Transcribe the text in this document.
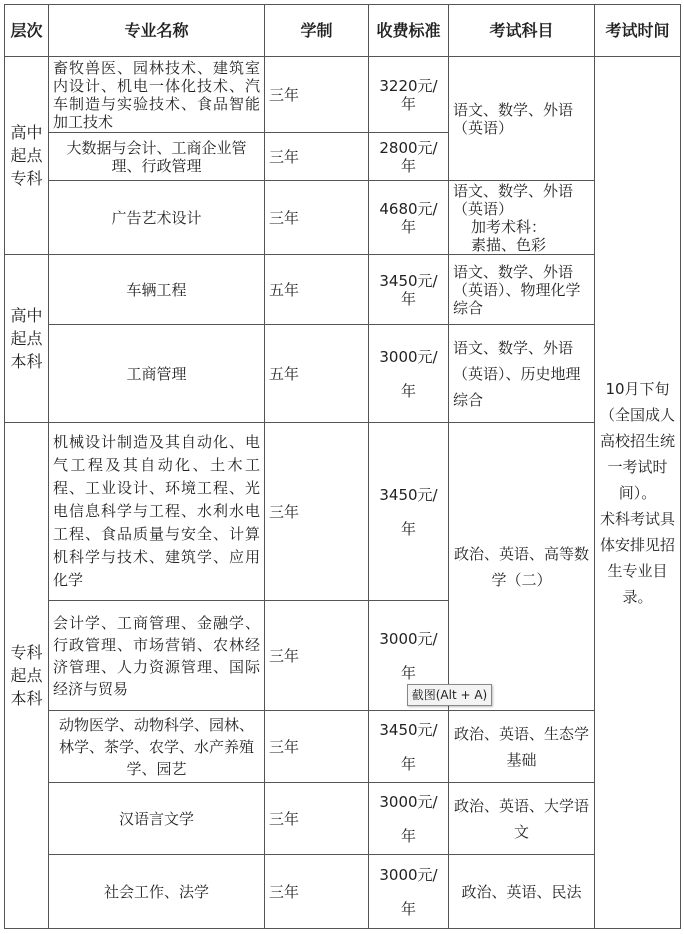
层次	专业名称	学制	收费标准	考试科目	考试时间

高中起点专科	畜牧兽医、园林技术、建筑室内设计、机电一体化技术、汽车制造与实验技术、食品智能加工技术	三年	3220元/年	语文、数学、外语（英语）	10月下旬（全国成人高校招生统一考试时间）。
术科考试具体安排见招生专业目录。

	大数据与会计、工商企业管理、行政管理	三年	2800元/年		
	广告艺术设计	三年	4680元/年	语文、数学、外语（英语）
加考术科：
素描、色彩	

高中起点本科	车辆工程	五年	3450元/年	语文、数学、外语（英语）、物理化学综合	
	工商管理	五年	3000元/年	语文、数学、外语（英语）、历史地理综合	

专科起点本科	机械设计制造及其自动化、电气工程及其自动化、土木工程、工业设计、环境工程、光电信息科学与工程、水利水电工程、食品质量与安全、计算机科学与技术、建筑学、应用化学	三年	3450元/年	政治、英语、高等数学（二）	
	会计学、工商管理、金融学、行政管理、市场营销、农林经济管理、人力资源管理、国际经济与贸易	三年	3000元/年		
	动物医学、动物科学、园林、林学、茶学、农学、水产养殖学、园艺	三年	3450元/年	政治、英语、生态学基础	
	汉语言文学	三年	3000元/年	政治、英语、大学语文	
	社会工作、法学	三年	3000元/年	政治、英语、民法	
截图(Alt + A)
